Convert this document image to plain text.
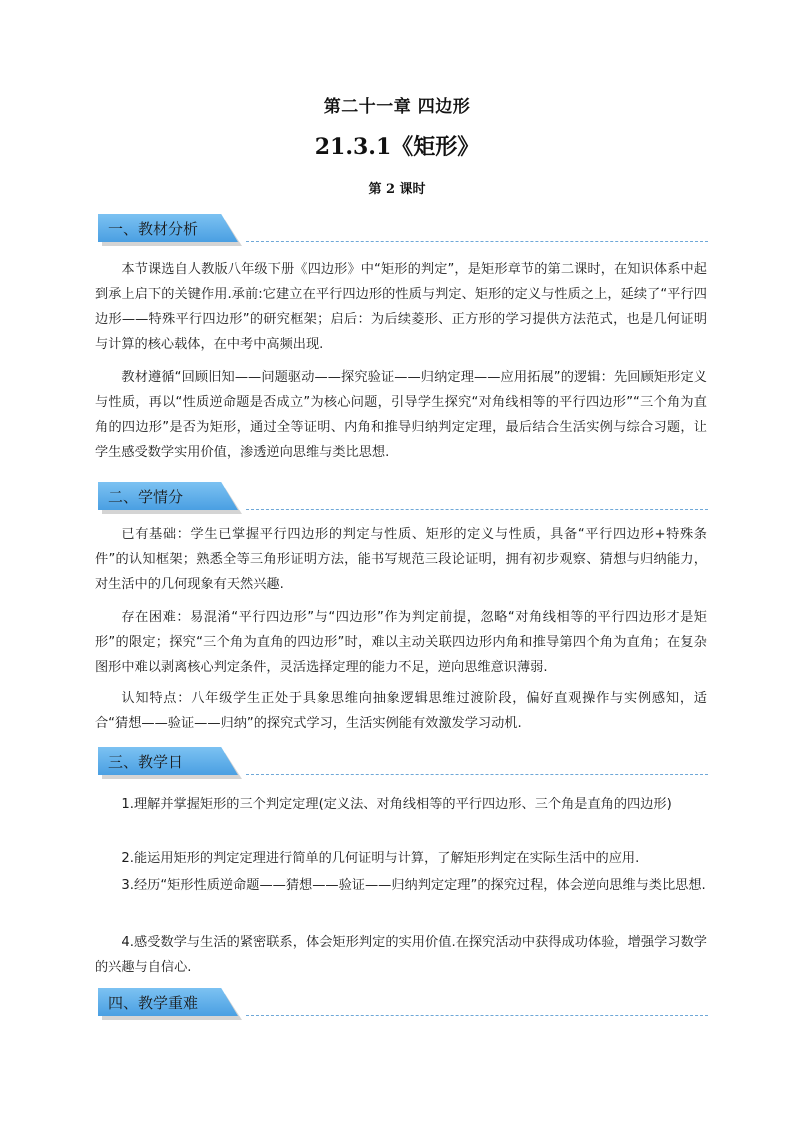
第二十一章 四边形
21.3.1《矩形》
第 2 课时
一、教材分析

本节课选自人教版八年级下册《四边形》中“矩形的判定”，是矩形章节的第二课时，在知识体系中起到承上启下的关键作用.承前:它建立在平行四边形的性质与判定、矩形的定义与性质之上，延续了“平行四边形——特殊平行四边形”的研究框架；启后：为后续菱形、正方形的学习提供方法范式，也是几何证明与计算的核心载体，在中考中高频出现.

教材遵循“回顾旧知——问题驱动——探究验证——归纳定理——应用拓展”的逻辑：先回顾矩形定义与性质，再以“性质逆命题是否成立”为核心问题，引导学生探究“对角线相等的平行四边形”“三个角为直角的四边形”是否为矩形，通过全等证明、内角和推导归纳判定定理，最后结合生活实例与综合习题，让学生感受数学实用价值，渗透逆向思维与类比思想.

二、学情分

已有基础：学生已掌握平行四边形的判定与性质、矩形的定义与性质，具备“平行四边形+特殊条件”的认知框架；熟悉全等三角形证明方法，能书写规范三段论证明，拥有初步观察、猜想与归纳能力，对生活中的几何现象有天然兴趣.

存在困难：易混淆“平行四边形”与“四边形”作为判定前提，忽略“对角线相等的平行四边形才是矩形”的限定；探究“三个角为直角的四边形”时，难以主动关联四边形内角和推导第四个角为直角；在复杂图形中难以剥离核心判定条件，灵活选择定理的能力不足，逆向思维意识薄弱.

认知特点：八年级学生正处于具象思维向抽象逻辑思维过渡阶段，偏好直观操作与实例感知，适合“猜想——验证——归纳”的探究式学习，生活实例能有效激发学习动机.

三、教学日

1.理解并掌握矩形的三个判定定理(定义法、对角线相等的平行四边形、三个角是直角的四边形)

2.能运用矩形的判定定理进行简单的几何证明与计算，了解矩形判定在实际生活中的应用.

3.经历“矩形性质逆命题——猜想——验证——归纳判定定理”的探究过程，体会逆向思维与类比思想.

4.感受数学与生活的紧密联系，体会矩形判定的实用价值.在探究活动中获得成功体验，增强学习数学的兴趣与自信心.

四、教学重难
